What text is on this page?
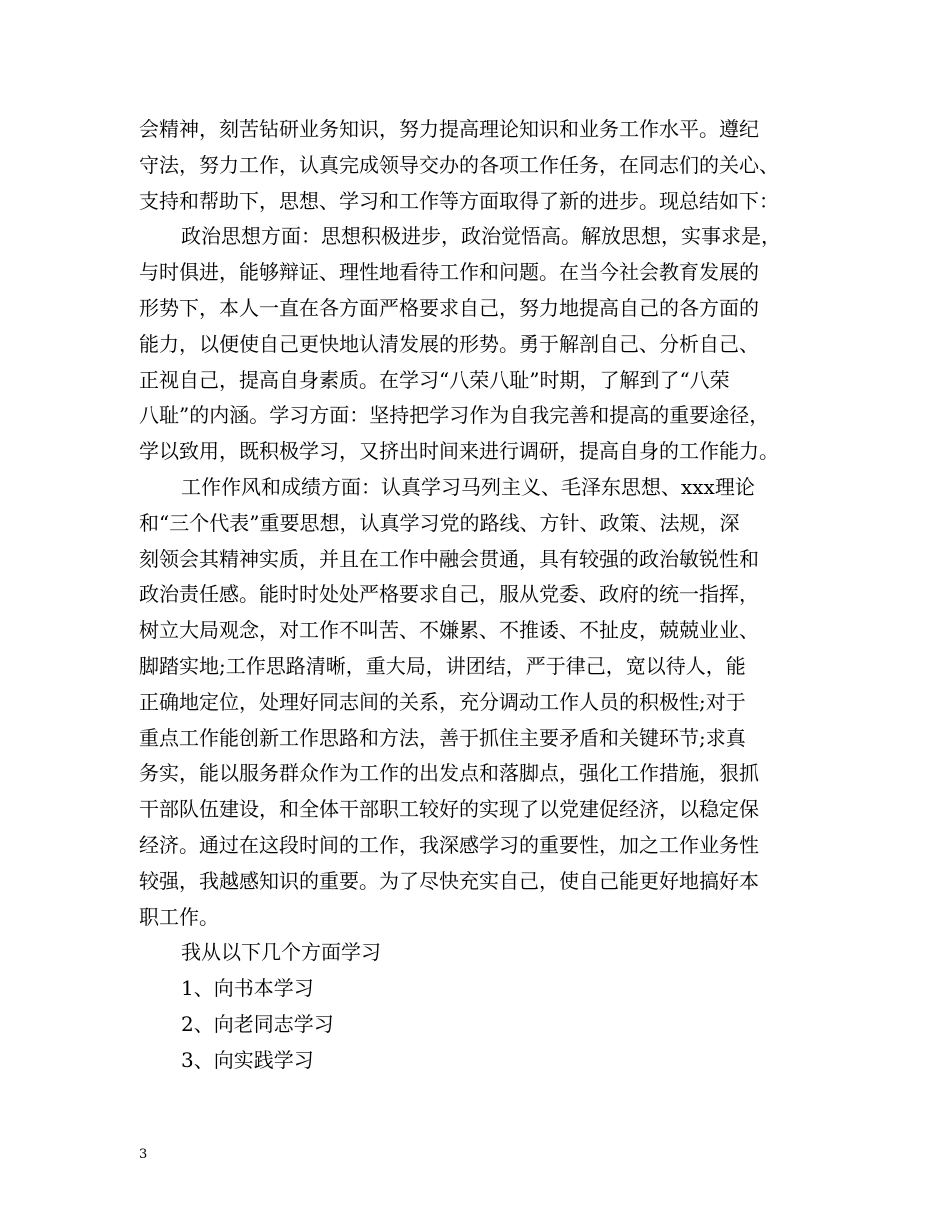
会精神，刻苦钻研业务知识，努力提高理论知识和业务工作水平。遵纪
守法，努力工作，认真完成领导交办的各项工作任务，在同志们的关心、
支持和帮助下，思想、学习和工作等方面取得了新的进步。现总结如下：

政治思想方面：思想积极进步，政治觉悟高。解放思想，实事求是，
与时俱进，能够辩证、理性地看待工作和问题。在当今社会教育发展的
形势下，本人一直在各方面严格要求自己，努力地提高自己的各方面的
能力，以便使自己更快地认清发展的形势。勇于解剖自己、分析自己、
正视自己，提高自身素质。在学习“八荣八耻”时期，了解到了“八荣
八耻”的内涵。学习方面：坚持把学习作为自我完善和提高的重要途径，
学以致用，既积极学习，又挤出时间来进行调研，提高自身的工作能力。

工作作风和成绩方面：认真学习马列主义、毛泽东思想、xxx理论
和“三个代表”重要思想，认真学习党的路线、方针、政策、法规，深
刻领会其精神实质，并且在工作中融会贯通，具有较强的政治敏锐性和
政治责任感。能时时处处严格要求自己，服从党委、政府的统一指挥，
树立大局观念，对工作不叫苦、不嫌累、不推诿、不扯皮，兢兢业业、
脚踏实地;工作思路清晰，重大局，讲团结，严于律己，宽以待人，能
正确地定位，处理好同志间的关系，充分调动工作人员的积极性;对于
重点工作能创新工作思路和方法，善于抓住主要矛盾和关键环节;求真
务实，能以服务群众作为工作的出发点和落脚点，强化工作措施，狠抓
干部队伍建设，和全体干部职工较好的实现了以党建促经济，以稳定保
经济。通过在这段时间的工作，我深感学习的重要性，加之工作业务性
较强，我越感知识的重要。为了尽快充实自己，使自己能更好地搞好本
职工作。

我从以下几个方面学习

1、向书本学习

2、向老同志学习

3、向实践学习

3
